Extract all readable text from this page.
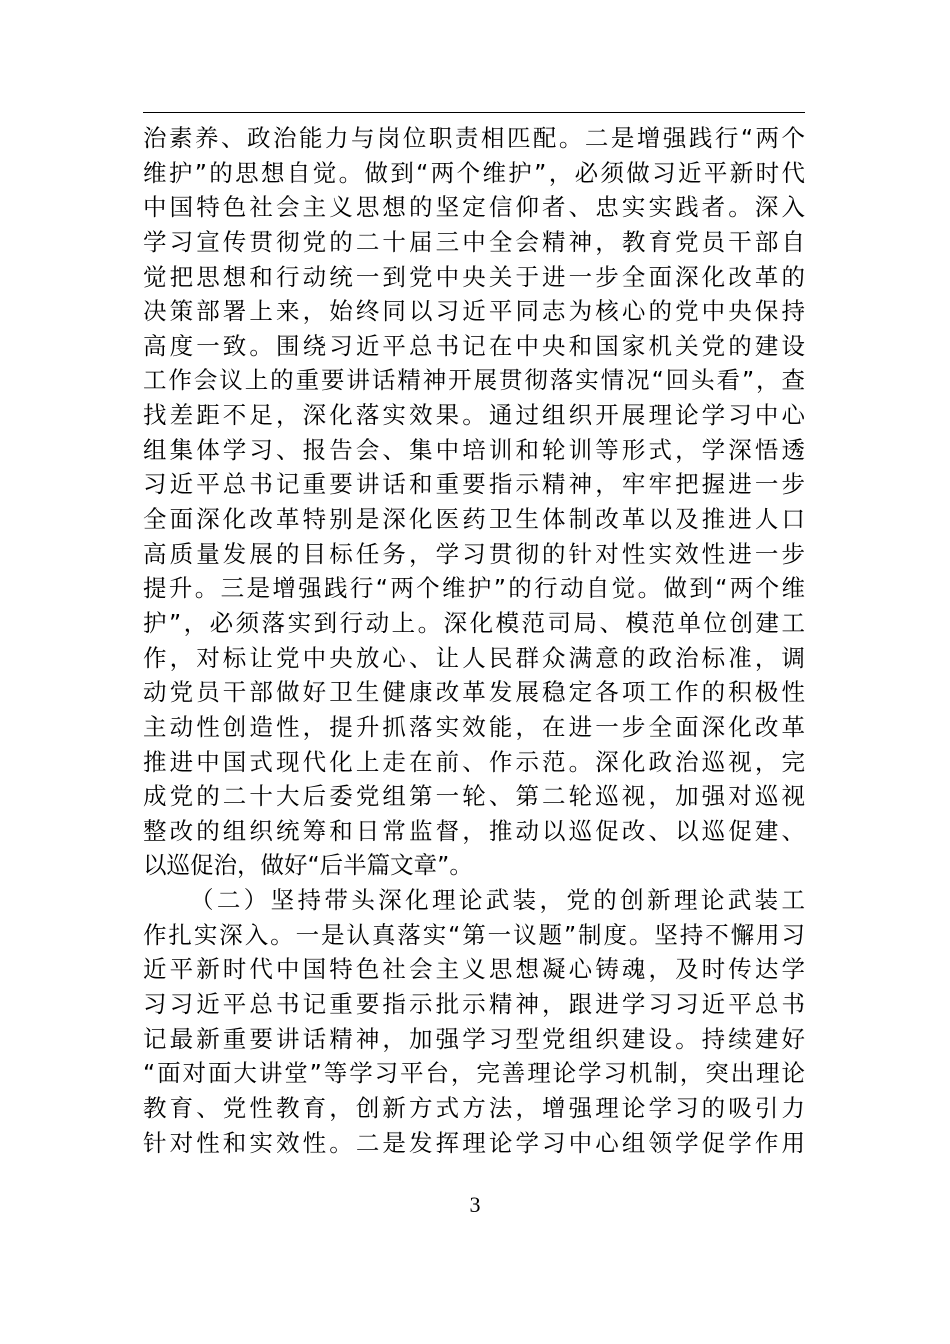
治素养、政治能力与岗位职责相匹配。二是增强践行“两个
维护”的思想自觉。做到“两个维护”，必须做习近平新时代
中国特色社会主义思想的坚定信仰者、忠实实践者。深入
学习宣传贯彻党的二十届三中全会精神，教育党员干部自
觉把思想和行动统一到党中央关于进一步全面深化改革的
决策部署上来，始终同以习近平同志为核心的党中央保持
高度一致。围绕习近平总书记在中央和国家机关党的建设
工作会议上的重要讲话精神开展贯彻落实情况“回头看”，查
找差距不足，深化落实效果。通过组织开展理论学习中心
组集体学习、报告会、集中培训和轮训等形式，学深悟透
习近平总书记重要讲话和重要指示精神，牢牢把握进一步
全面深化改革特别是深化医药卫生体制改革以及推进人口
高质量发展的目标任务，学习贯彻的针对性实效性进一步
提升。三是增强践行“两个维护”的行动自觉。做到“两个维
护”，必须落实到行动上。深化模范司局、模范单位创建工
作，对标让党中央放心、让人民群众满意的政治标准，调
动党员干部做好卫生健康改革发展稳定各项工作的积极性
主动性创造性，提升抓落实效能，在进一步全面深化改革
推进中国式现代化上走在前、作示范。深化政治巡视，完
成党的二十大后委党组第一轮、第二轮巡视，加强对巡视
整改的组织统筹和日常监督，推动以巡促改、以巡促建、
以巡促治，做好“后半篇文章”。
（二）坚持带头深化理论武装，党的创新理论武装工
作扎实深入。一是认真落实“第一议题”制度。坚持不懈用习
近平新时代中国特色社会主义思想凝心铸魂，及时传达学
习习近平总书记重要指示批示精神，跟进学习习近平总书
记最新重要讲话精神，加强学习型党组织建设。持续建好
“面对面大讲堂”等学习平台，完善理论学习机制，突出理论
教育、党性教育，创新方式方法，增强理论学习的吸引力
针对性和实效性。二是发挥理论学习中心组领学促学作用
3
